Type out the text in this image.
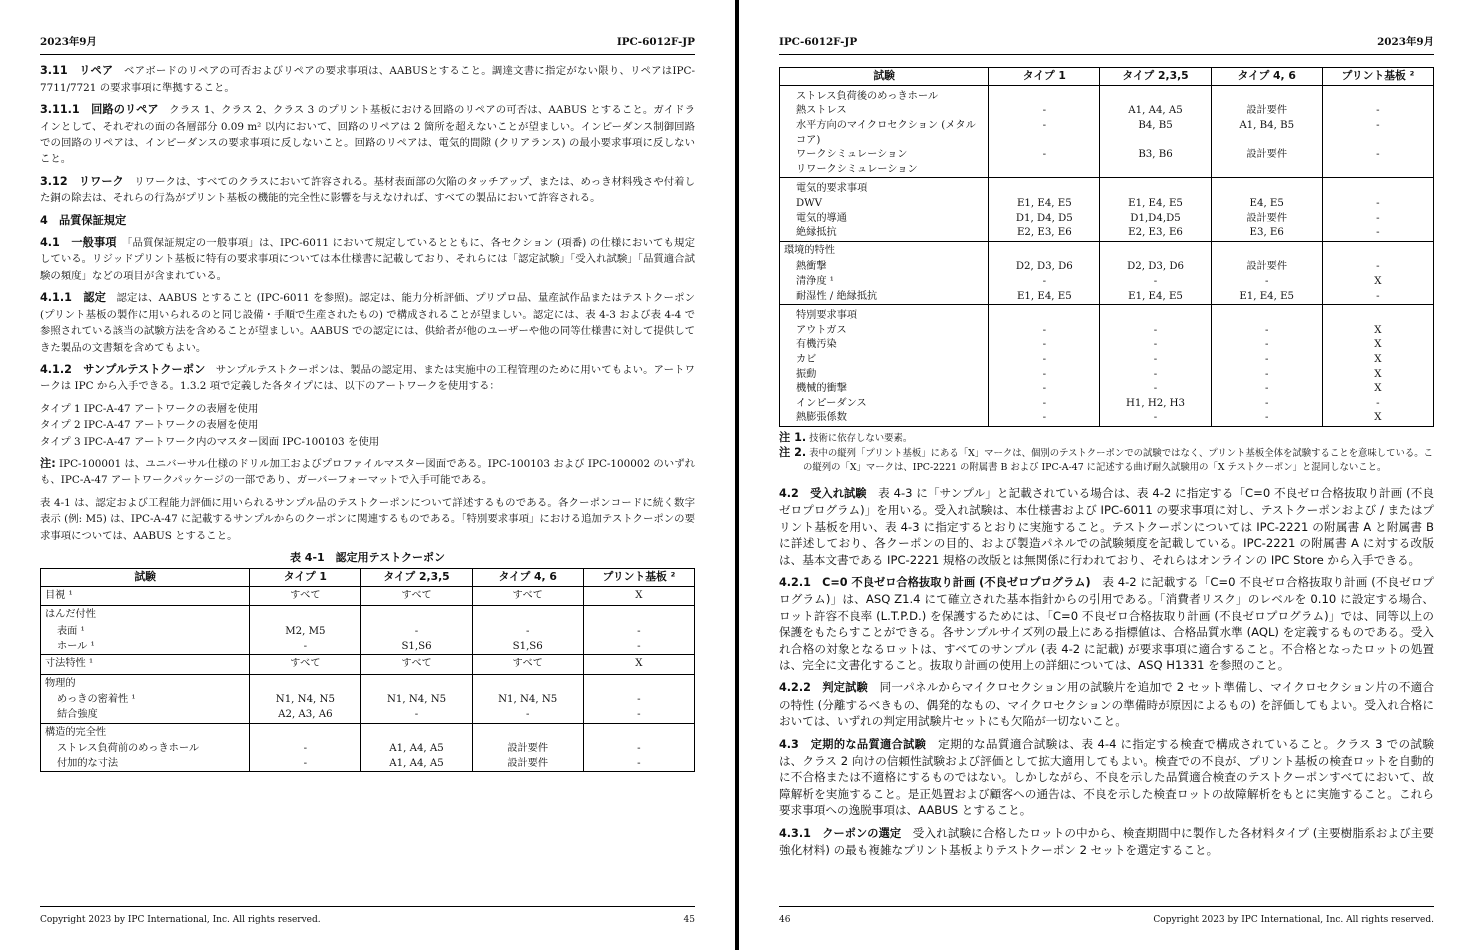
2023年9月	IPC-6012F-JP

3.11　 リペア　 ベアボードのリペアの可否およびリペアの要求事項は、AABUSとすること。調達文書に指定がない限り、リペアはIPC-7711/7721 の要求事項に準拠すること。

3.11.1　 回路のリペア　 クラス 1、クラス 2、クラス 3 のプリント基板における回路のリペアの可否は、AABUS とすること。ガイドラインとして、それぞれの面の各層部分 0.09 m² 以内において、回路のリペアは 2 箇所を超えないことが望ましい。インピーダンス制御回路での回路のリペアは、インピーダンスの要求事項に反しないこと。回路のリペアは、電気的間隙 (クリアランス) の最小要求事項に反しないこと。

3.12　 リワーク　 リワークは、すべてのクラスにおいて許容される。基材表面部の欠陥のタッチアップ、または、めっき材料残さや付着した銅の除去は、それらの行為がプリント基板の機能的完全性に影響を与えなければ、すべての製品において許容される。

4　 品質保証規定

4.1　 一般事項　 「品質保証規定の一般事項」は、IPC-6011 において規定しているとともに、各セクション (項番) の仕様においても規定している。リジッドプリント基板に特有の要求事項については本仕様書に記載しており、それらには「認定試験」「受入れ試験」「品質適合試験の頻度」などの項目が含まれている。

4.1.1　 認定　 認定は、AABUS とすること (IPC-6011 を参照)。認定は、能力分析評価、プリプロ品、量産試作品またはテストクーポン (プリント基板の製作に用いられるのと同じ設備・手順で生産されたもの) で構成されることが望ましい。認定には、表 4-3 および表 4-4 で参照されている該当の試験方法を含めることが望ましい。AABUS での認定には、供給者が他のユーザーや他の同等仕様書に対して提供してきた製品の文書類を含めてもよい。

4.1.2　 サンプルテストクーポン　 サンプルテストクーポンは、製品の認定用、または実施中の工程管理のために用いてもよい。アートワークは IPC から入手できる。1.3.2 項で定義した各タイプには、以下のアートワークを使用する：

タイプ 1 IPC-A-47 アートワークの表層を使用
タイプ 2 IPC-A-47 アートワークの表層を使用
タイプ 3 IPC-A-47 アートワーク内のマスター図面 IPC-100103 を使用

注: IPC-100001 は、ユニバーサル仕様のドリル加工およびプロファイルマスター図面である。IPC-100103 および IPC-100002 のいずれも、IPC-A-47 アートワークパッケージの一部であり、ガーバーフォーマットで入手可能である。

表 4-1 は、認定および工程能力評価に用いられるサンプル品のテストクーポンについて詳述するものである。各クーポンコードに続く数字表示 (例: M5) は、IPC-A-47 に記載するサンプルからのクーポンに関連するものである。「特別要求事項」における追加テストクーポンの要求事項については、AABUS とすること。

表 4-1　認定用テストクーポン
試験	タイプ 1	タイプ 2,3,5	タイプ 4, 6	プリント基板 ²
目視 ¹	すべて	すべて	すべて	X
はんだ付性				

表面 ¹	M2, M5	-	-	-

ホール ¹	-	S1,S6	S1,S6	-
寸法特性 ¹	すべて	すべて	すべて	X
物理的				

めっきの密着性 ¹	N1, N4, N5	N1, N4, N5	N1, N4, N5	-

結合強度	A2, A3, A6	-	-	-
構造的完全性				

ストレス負荷前のめっきホール	-	A1, A4, A5	設計要件	-

付加的な寸法	-	A1, A4, A5	設計要件	-
Copyright 2023 by IPC International, Inc. All rights reserved.	45
IPC-6012F-JP	2023年9月
試験	タイプ 1	タイプ 2,3,5	タイプ 4, 6	プリント基板 ²

ストレス負荷後のめっきホール				

熱ストレス	-	A1, A4, A5	設計要件	-

水平方向のマイクロセクション (メタルコア)	-	B4, B5	A1, B4, B5	-

ワークシミュレーション	-	B3, B6	設計要件	-

リワークシミュレーション				

電気的要求事項				

DWV	E1, E4, E5	E1, E4, E5	E4, E5	-

電気的導通	D1, D4, D5	D1,D4,D5	設計要件	-

絶縁抵抗	E2, E3, E6	E2, E3, E6	E3, E6	-
環境的特性				

熱衝撃	D2, D3, D6	D2, D3, D6	設計要件	-

清浄度 ¹	-	-	-	X

耐湿性 / 絶縁抵抗	E1, E4, E5	E1, E4, E5	E1, E4, E5	-

特別要求事項				

アウトガス	-	-	-	X

有機汚染	-	-	-	X

カビ	-	-	-	X

振動	-	-	-	X

機械的衝撃	-	-	-	X

インピーダンス	-	H1, H2, H3	-	-

熱膨張係数	-	-	-	X
注 1. 技術に依存しない要素。
注 2. 表中の縦列「プリント基板」にある「X」マークは、個別のテストクーポンでの試験ではなく、プリント基板全体を試験することを意味している。この縦列の「X」マークは、IPC-2221 の附属書 B および IPC-A-47 に記述する曲げ耐久試験用の「X テストクーポン」と混同しないこと。

4.2　 受入れ試験　 表 4-3 に「サンプル」と記載されている場合は、表 4-2 に指定する「C=0 不良ゼロ合格抜取り計画 (不良ゼロプログラム)」を用いる。受入れ試験は、本仕様書および IPC-6011 の要求事項に対し、テストクーポンおよび / またはプリント基板を用い、表 4-3 に指定するとおりに実施すること。テストクーポンについては IPC-2221 の附属書 A と附属書 B に詳述しており、各クーポンの目的、および製造パネルでの試験頻度を記載している。IPC-2221 の附属書 A に対する改版は、基本文書である IPC-2221 規格の改版とは無関係に行われており、それらはオンラインの IPC Store から入手できる。

4.2.1　 C=0 不良ゼロ合格抜取り計画 (不良ゼロプログラム)　 表 4-2 に記載する「C=0 不良ゼロ合格抜取り計画 (不良ゼロプログラム)」は、ASQ Z1.4 にて確立された基本指針からの引用である。「消費者リスク」のレベルを 0.10 に設定する場合、ロット許容不良率 (L.T.P.D.) を保護するためには、「C=0 不良ゼロ合格抜取り計画 (不良ゼロプログラム)」では、同等以上の保護をもたらすことができる。各サンプルサイズ列の最上にある指標値は、合格品質水準 (AQL) を定義するものである。受入れ合格の対象となるロットは、すべてのサンプル (表 4-2 に記載) が要求事項に適合すること。不合格となったロットの処置は、完全に文書化すること。抜取り計画の使用上の詳細については、ASQ H1331 を参照のこと。

4.2.2　 判定試験　 同一パネルからマイクロセクション用の試験片を追加で 2 セット準備し、マイクロセクション片の不適合の特性 (分離するべきもの、偶発的なもの、マイクロセクションの準備時が原因によるもの) を評価してもよい。受入れ合格においては、いずれの判定用試験片セットにも欠陥が一切ないこと。

4.3　 定期的な品質適合試験　 定期的な品質適合試験は、表 4-4 に指定する検査で構成されていること。クラス 3 での試験は、クラス 2 向けの信頼性試験および評価として拡大適用してもよい。検査での不良が、プリント基板の検査ロットを自動的に不合格または不適格にするものではない。しかしながら、不良を示した品質適合検査のテストクーポンすべてにおいて、故障解析を実施すること。是正処置および顧客への通告は、不良を示した検査ロットの故障解析をもとに実施すること。これら要求事項への逸脱事項は、AABUS とすること。

4.3.1　 クーポンの選定　 受入れ試験に合格したロットの中から、検査期間中に製作した各材料タイプ (主要樹脂系および主要強化材料) の最も複雑なプリント基板よりテストクーポン 2 セットを選定すること。

46	Copyright 2023 by IPC International, Inc. All rights reserved.
